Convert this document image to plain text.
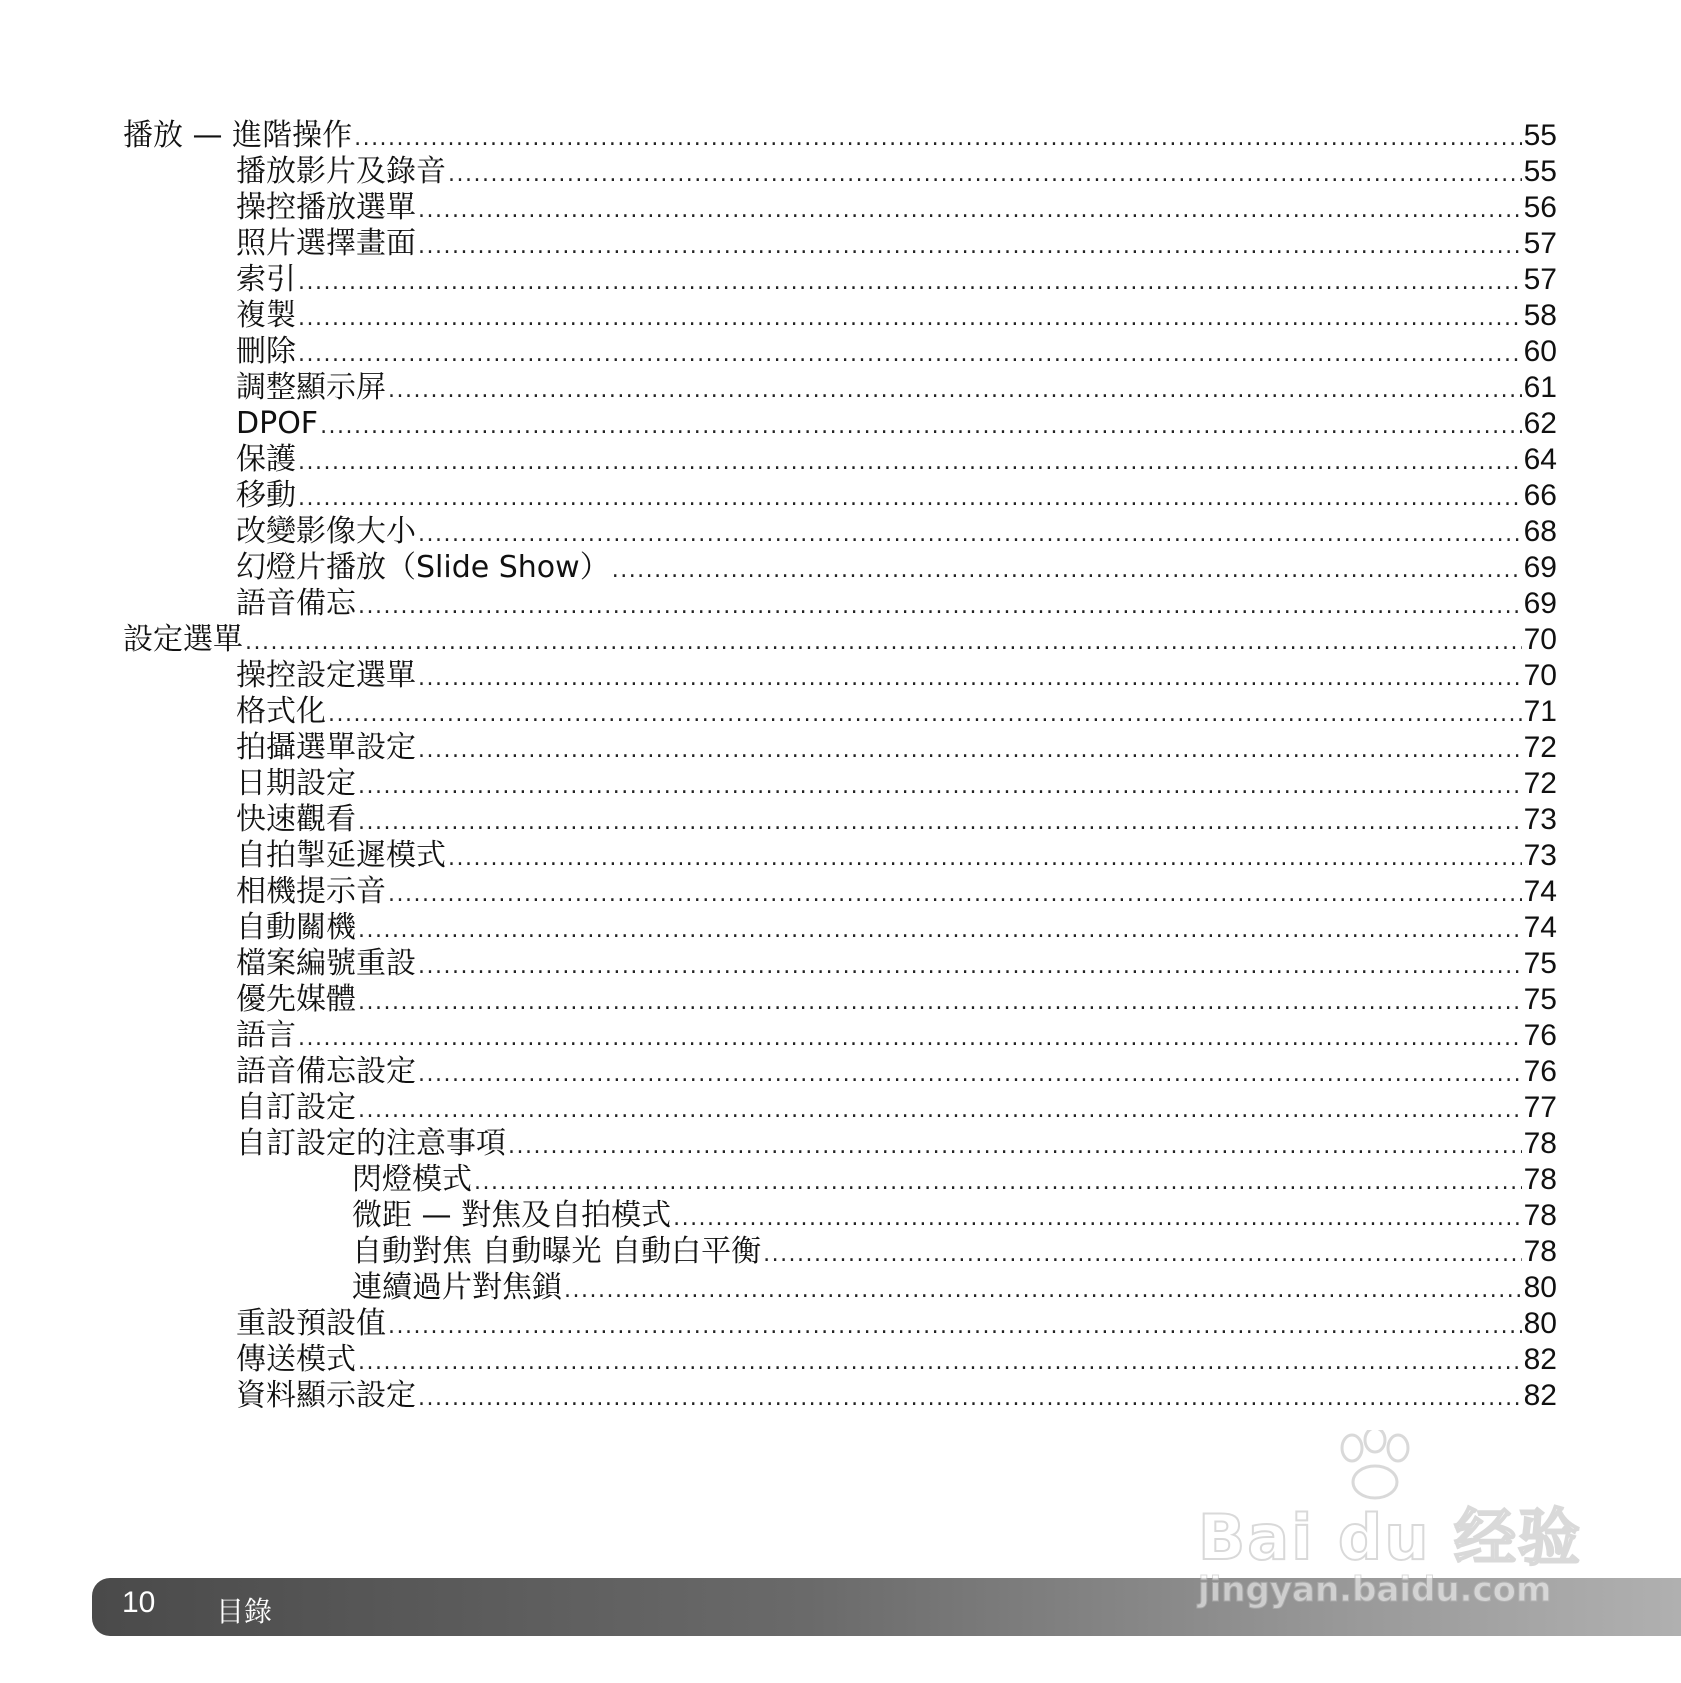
播放 — 進階操作 .....	55
播放影片及錄音 .....	55
操控播放選單 .....	56
照片選擇畫面 .....	57
索引 .....	57
複製 .....	58
刪除 .....	60
調整顯示屏 .....	61
DPOF .....	62
保護 .....	64
移動 .....	66
改變影像大小 .....	68
幻燈片播放（Slide Show） .....	69
語音備忘 .....	69
設定選單 .....	70
操控設定選單 .....	70
格式化 .....	71
拍攝選單設定 .....	72
日期設定 .....	72
快速觀看 .....	73
自拍掣延遲模式 .....	73
相機提示音 .....	74
自動關機 .....	74
檔案編號重設 .....	75
優先媒體 .....	75
語言 .....	76
語音備忘設定 .....	76
自訂設定 .....	77
自訂設定的注意事項 .....	78
閃燈模式 .....	78
微距 — 對焦及自拍模式 .....	78
自動對焦 自動曝光 自動白平衡 .....	78
連續過片對焦鎖 .....	80
重設預設值 .....	80
傳送模式 .....	82
資料顯示設定 .....	82
10 目錄
Bai du 经验
jingyan.baidu.com
